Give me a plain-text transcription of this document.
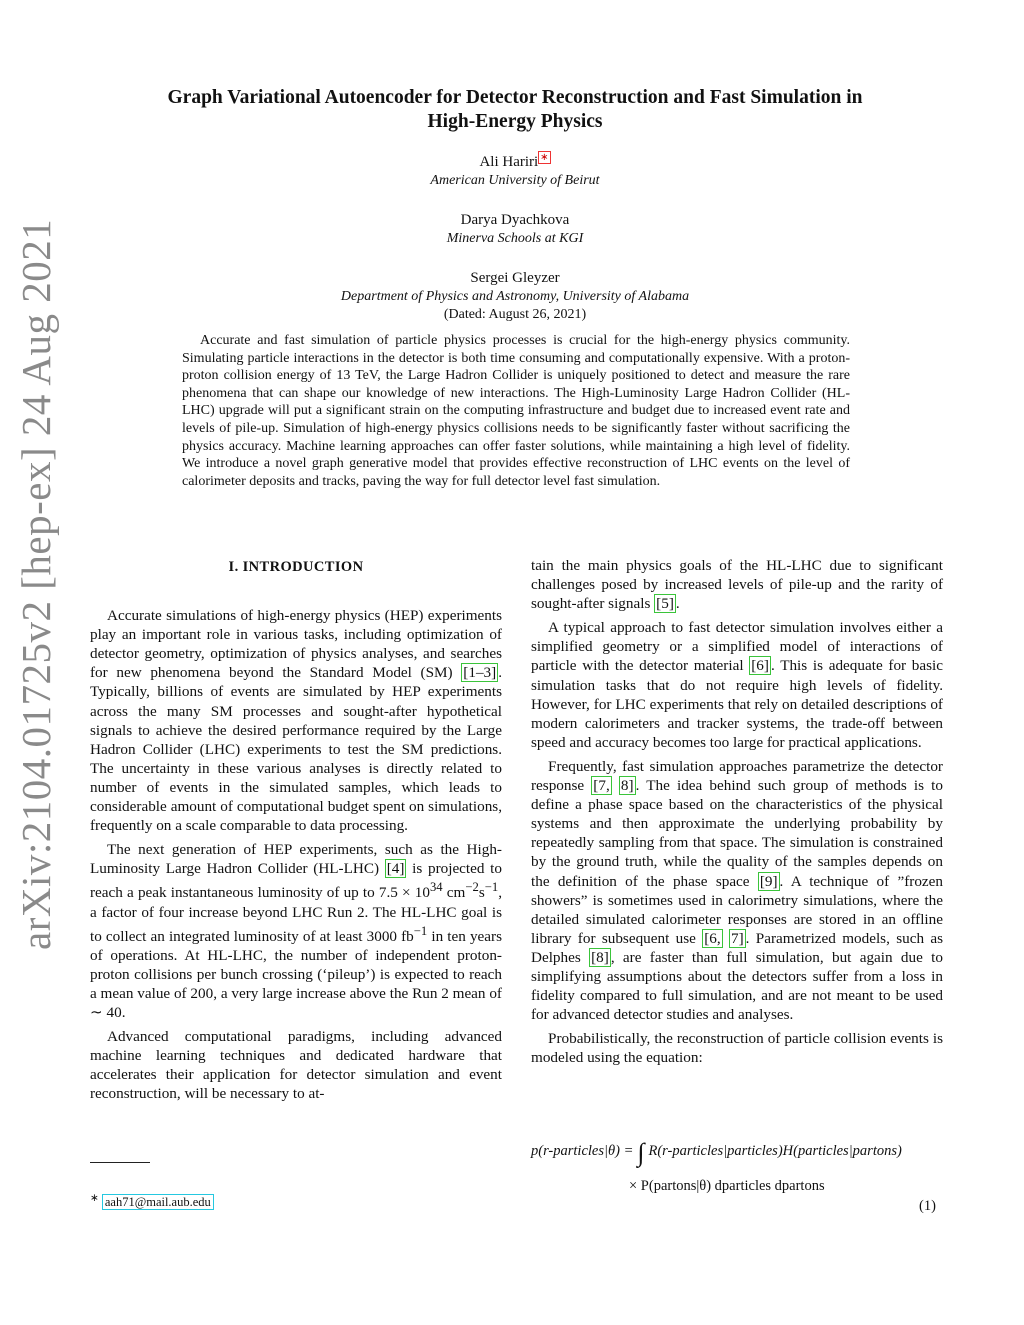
arXiv:2104.01725v2 [hep-ex] 24 Aug 2021
Graph Variational Autoencoder for Detector Reconstruction and Fast Simulation in
High-Energy Physics
Ali Hariri ∗
American University of Beirut
Darya Dyachkova
Minerva Schools at KGI
Sergei Gleyzer
Department of Physics and Astronomy, University of Alabama
(Dated: August 26, 2021)
Accurate and fast simulation of particle physics processes is crucial for the high-energy physics community. Simulating particle interactions in the detector is both time consuming and computationally expensive. With a proton-proton collision energy of 13 TeV, the Large Hadron Collider is uniquely positioned to detect and measure the rare phenomena that can shape our knowledge of new interactions. The High-Luminosity Large Hadron Collider (HL-LHC) upgrade will put a significant strain on the computing infrastructure and budget due to increased event rate and levels of pile-up. Simulation of high-energy physics collisions needs to be significantly faster without sacrificing the physics accuracy. Machine learning approaches can offer faster solutions, while maintaining a high level of fidelity. We introduce a novel graph generative model that provides effective reconstruction of LHC events on the level of calorimeter deposits and tracks, paving the way for full detector level fast simulation.
I. INTRODUCTION

Accurate simulations of high-energy physics (HEP) experiments play an important role in various tasks, including optimization of detector geometry, optimization of physics analyses, and searches for new phenomena beyond the Standard Model (SM) [1–3] . Typically, billions of events are simulated by HEP experiments across the many SM processes and sought-after hypothetical signals to achieve the desired performance required by the Large Hadron Collider (LHC) experiments to test the SM predictions. The uncertainty in these various analyses is directly related to number of events in the simulated samples, which leads to considerable amount of computational budget spent on simulations, frequently on a scale comparable to data processing.

The next generation of HEP experiments, such as the High-Luminosity Large Hadron Collider (HL-LHC) [4] is projected to reach a peak instantaneous luminosity of up to $7.5 \times 10^{34}$ $cm^{-2}s^{-1}$, a factor of four increase beyond LHC Run 2. The HL-LHC goal is to collect an integrated luminosity of at least 3000 $fb^{-1}$ in ten years of operations. At HL-LHC, the number of independent proton-proton collisions per bunch crossing (‘pileup’) is expected to reach a mean value of 200, a very large increase above the Run 2 mean of ∼ 40.

Advanced computational paradigms, including advanced machine learning techniques and dedicated hardware that accelerates their application for detector simulation and event reconstruction, will be necessary to at-

tain the main physics goals of the HL-LHC due to significant challenges posed by increased levels of pile-up and the rarity of sought-after signals [5] .

A typical approach to fast detector simulation involves either a simplified geometry or a simplified model of interactions of particle with the detector material [6] . This is adequate for basic simulation tasks that do not require high levels of fidelity. However, for LHC experiments that rely on detailed descriptions of modern calorimeters and tracker systems, the trade-off between speed and accuracy becomes too large for practical applications.

Frequently, fast simulation approaches parametrize the detector response [7, 8] . The idea behind such group of methods is to define a phase space based on the characteristics of the physical systems and then approximate the underlying probability by repeatedly sampling from that space. The simulation is constrained by the ground truth, while the quality of the samples depends on the definition of the phase space [9] . A technique of ”frozen showers” is sometimes used in calorimetry simulations, where the detailed simulated calorimeter responses are stored in an offline library for subsequent use [6, 7] . Parametrized models, such as Delphes [8] , are faster than full simulation, but again due to simplifying assumptions about the detectors suffer from a loss in fidelity compared to full simulation, and are not meant to be used for advanced detector studies and analyses.

Probabilistically, the reconstruction of particle collision events is modeled using the equation:

p(r-particles|θ) = ∫ R(r-particles|particles)H(particles|partons)
× P(partons|θ) dparticles dpartons
(1)
∗ aah71@mail.aub.edu
